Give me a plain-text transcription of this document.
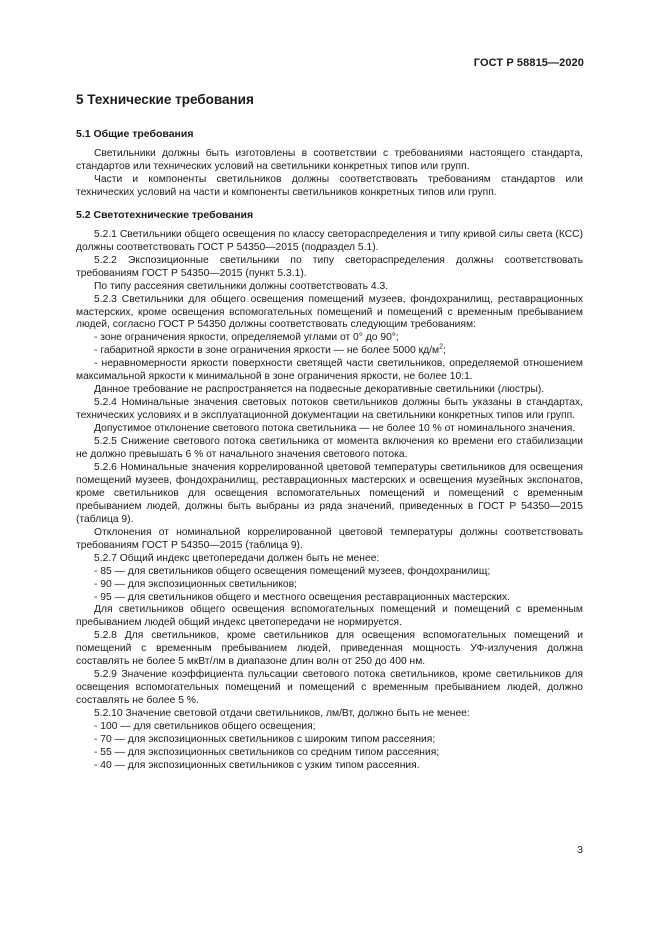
ГОСТ Р 58815—2020
5 Технические требования
5.1 Общие требования

Светильники должны быть изготовлены в соответствии с требованиями настоящего стандарта, стандартов или технических условий на светильники конкретных типов или групп.

Части и компоненты светильников должны соответствовать требованиям стандартов или технических условий на части и компоненты светильников конкретных типов или групп.

5.2 Светотехнические требования

5.2.1 Светильники общего освещения по классу светораспределения и типу кривой силы света (КСС) должны соответствовать ГОСТ Р 54350—2015 (подраздел 5.1).

5.2.2 Экспозиционные светильники по типу светораспределения должны соответствовать требованиям ГОСТ Р 54350—2015 (пункт 5.3.1).

По типу рассеяния светильники должны соответствовать 4.3.

5.2.3 Светильники для общего освещения помещений музеев, фондохранилищ, реставрационных мастерских, кроме освещения вспомогательных помещений и помещений с временным пребыванием людей, согласно ГОСТ Р 54350 должны соответствовать следующим требованиям:

- зоне ограничения яркости, определяемой углами от 0° до 90°;

- габаритной яркости в зоне ограничения яркости — не более 5000 $кд/м^2$;

- неравномерности яркости поверхности светящей части светильников, определяемой отношением максимальной яркости к минимальной в зоне ограничения яркости, не более 10:1.

Данное требование не распространяется на подвесные декоративные светильники (люстры).

5.2.4 Номинальные значения световых потоков светильников должны быть указаны в стандартах, технических условиях и в эксплуатационной документации на светильники конкретных типов или групп.

Допустимое отклонение светового потока светильника — не более 10 % от номинального значения.

5.2.5 Снижение светового потока светильника от момента включения ко времени его стабилизации не должно превышать 6 % от начального значения светового потока.

5.2.6 Номинальные значения коррелированной цветовой температуры светильников для освещения помещений музеев, фондохранилищ, реставрационных мастерских и освещения музейных экспонатов, кроме светильников для освещения вспомогательных помещений и помещений с временным пребыванием людей, должны быть выбраны из ряда значений, приведенных в ГОСТ Р 54350—2015 (таблица 9).

Отклонения от номинальной коррелированной цветовой температуры должны соответствовать требованиям ГОСТ Р 54350—2015 (таблица 9).

5.2.7 Общий индекс цветопередачи должен быть не менее:

- 85 — для светильников общего освещения помещений музеев, фондохранилищ;

- 90 — для экспозиционных светильников;

- 95 — для светильников общего и местного освещения реставрационных мастерских.

Для светильников общего освещения вспомогательных помещений и помещений с временным пребыванием людей общий индекс цветопередачи не нормируется.

5.2.8 Для светильников, кроме светильников для освещения вспомогательных помещений и помещений с временным пребыванием людей, приведенная мощность УФ-излучения должна составлять не более 5 мкВт/лм в диапазоне длин волн от 250 до 400 нм.

5.2.9 Значение коэффициента пульсации светового потока светильников, кроме светильников для освещения вспомогательных помещений и помещений с временным пребыванием людей, должно составлять не более 5 %.

5.2.10 Значение световой отдачи светильников, лм/Вт, должно быть не менее:

- 100 — для светильников общего освещения;

- 70 — для экспозиционных светильников с широким типом рассеяния;

- 55 — для экспозиционных светильников со средним типом рассеяния;

- 40 — для экспозиционных светильников с узким типом рассеяния.

3
